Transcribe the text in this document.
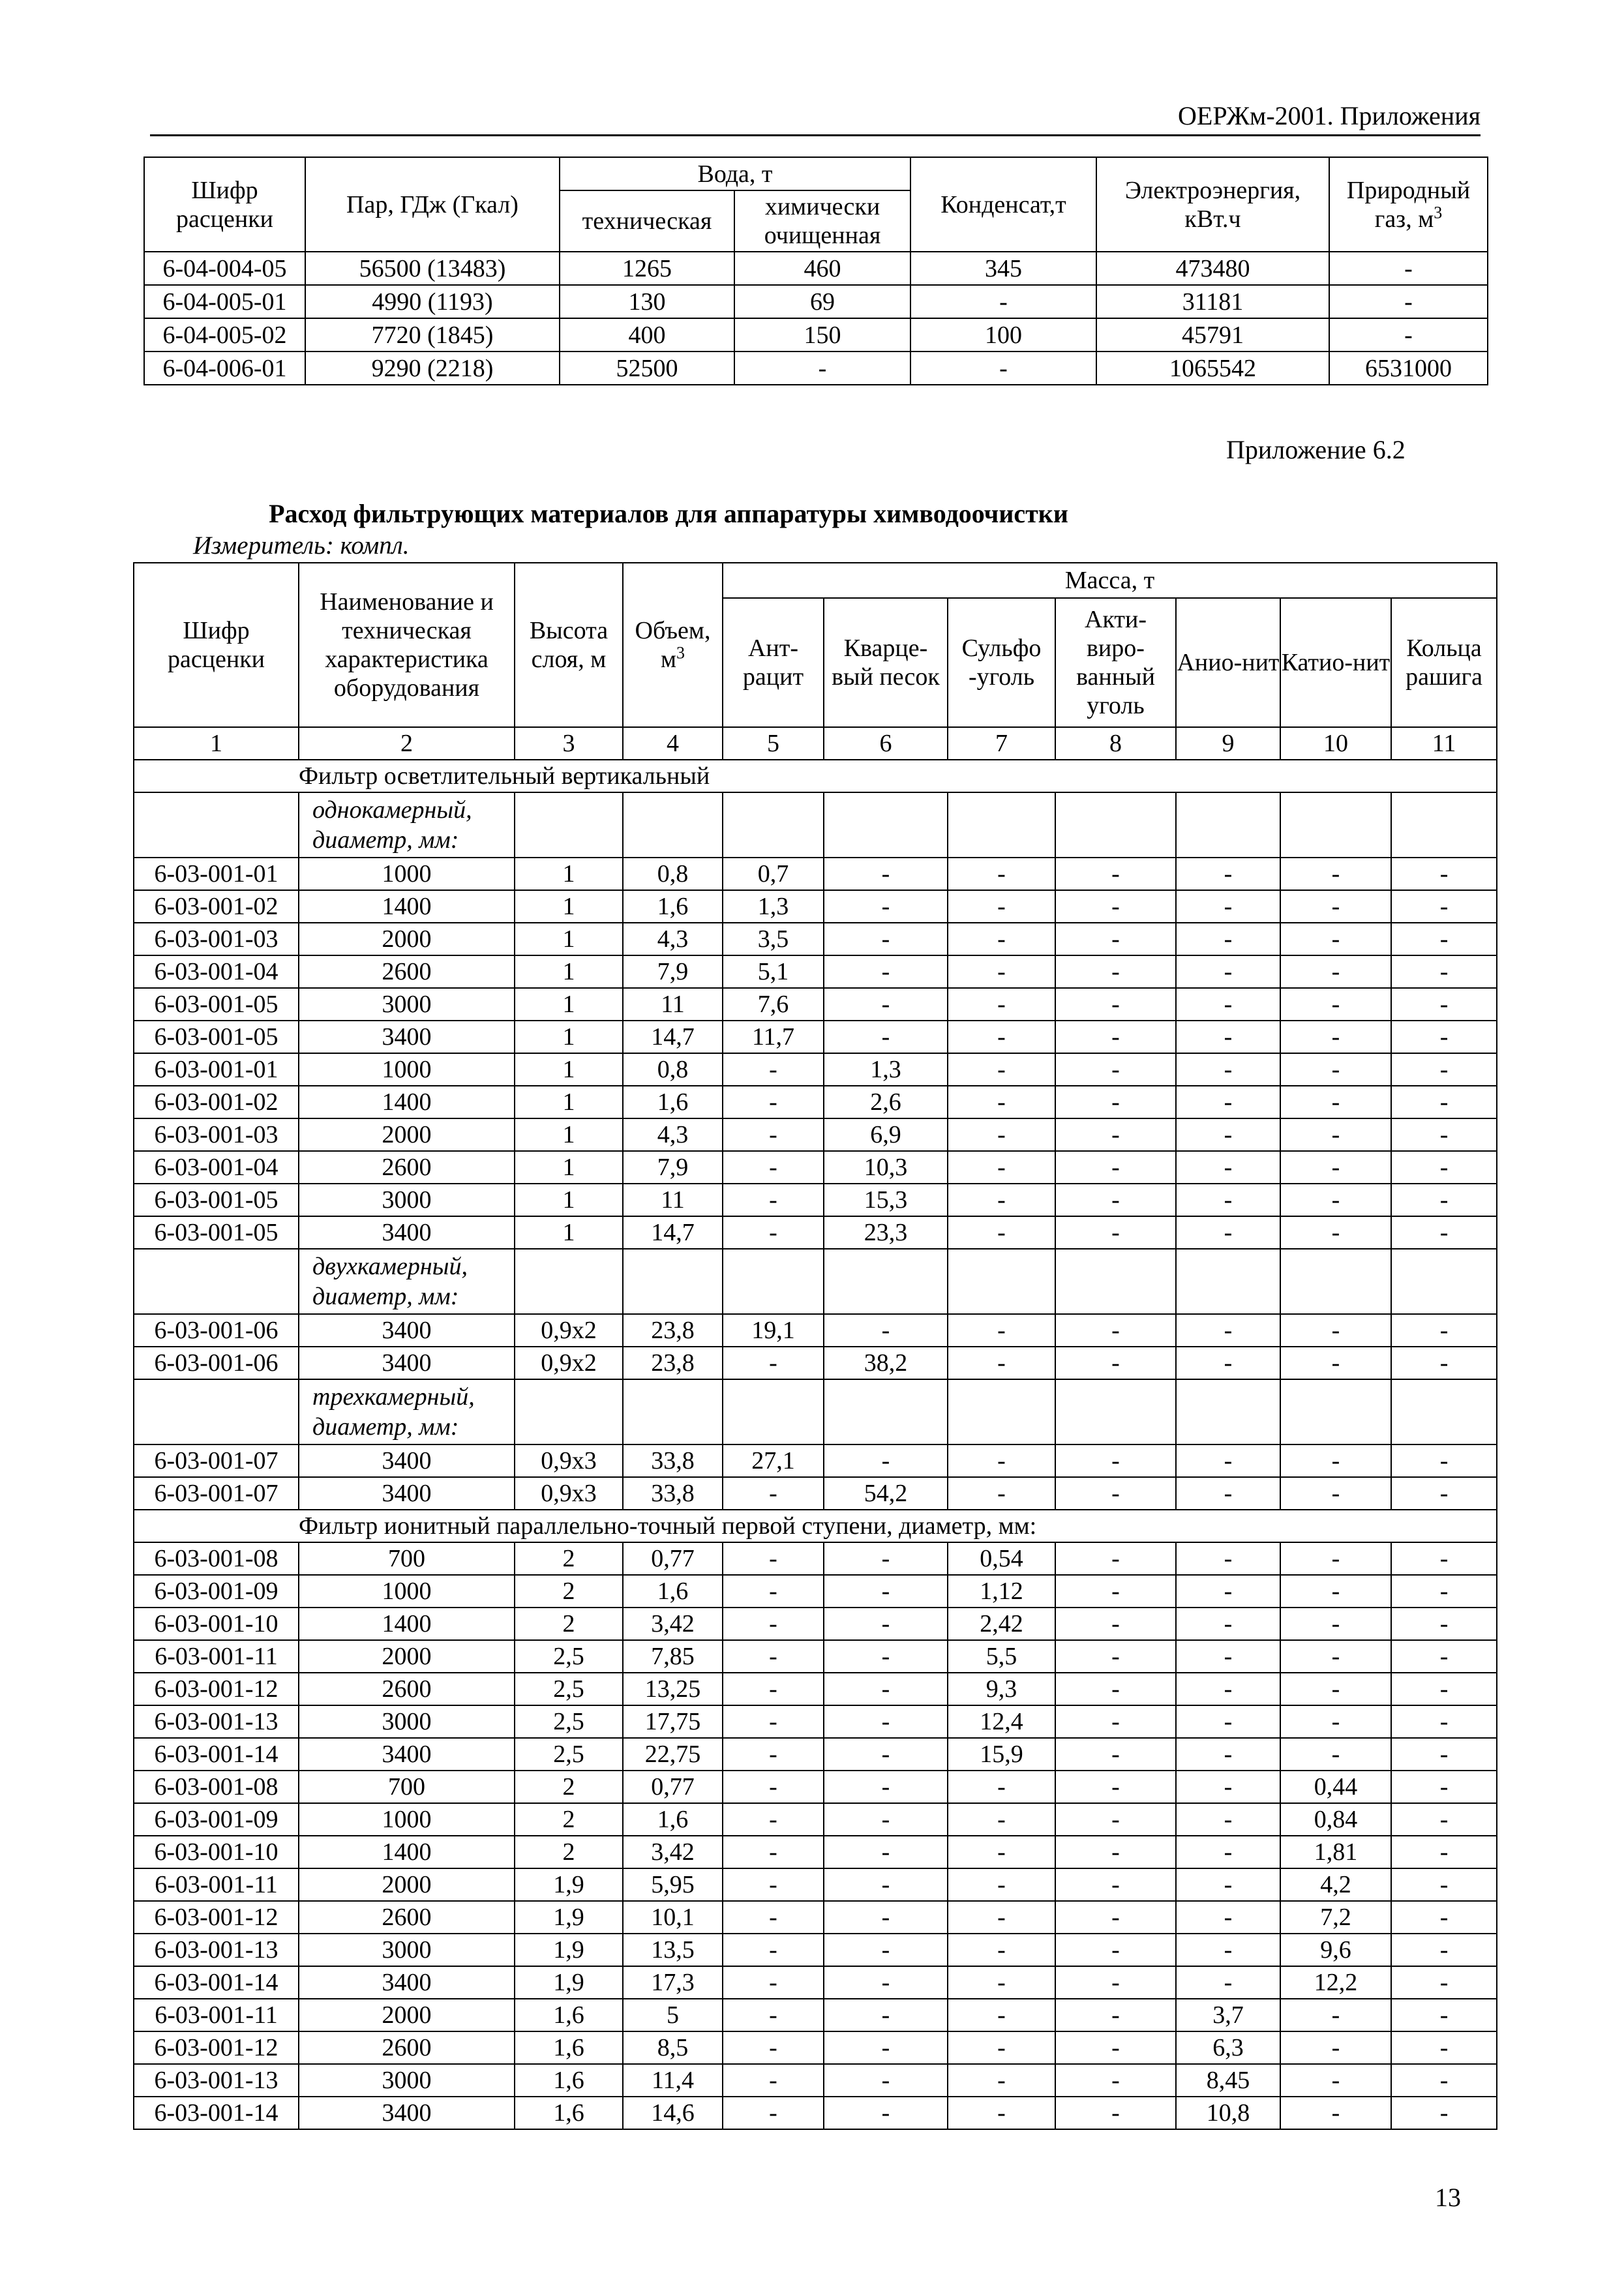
ОЕРЖм-2001. Приложения
Шифр расценки	Пар, ГДж (Гкал)	Вода, т		Конденсат,т	Электроэнергия, кВт.ч	Природный газ, $м^3$
		техническая	химически очищенная			
6-04-004-05	56500 (13483)	1265	460	345	473480	-
6-04-005-01	4990 (1193)	130	69	-	31181	-
6-04-005-02	7720 (1845)	400	150	100	45791	-
6-04-006-01	9290 (2218)	52500	-	-	1065542	6531000
Приложение 6.2
Расход фильтрующих материалов для аппаратуры химводоочистки
Измеритель: компл.
Шифр расценки	Наименование и техническая характеристика оборудования	Высота слоя, м	Объем, $м^3$	Масса, т						
				Ант-рацит	Кварце-вый песок	Сульфо -уголь	Акти-виро-ванный уголь	Анио-нит	Катио-нит	Кольца рашига
1	2	3	4	5	6	7	8	9	10	11
Фильтр осветлительный вертикальный										

	однокамерный,
диаметр, мм:									

6-03-001-01	1000	1	0,8	0,7	-	-	-	-	-	-
6-03-001-02	1400	1	1,6	1,3	-	-	-	-	-	-
6-03-001-03	2000	1	4,3	3,5	-	-	-	-	-	-
6-03-001-04	2600	1	7,9	5,1	-	-	-	-	-	-
6-03-001-05	3000	1	11	7,6	-	-	-	-	-	-
6-03-001-05	3400	1	14,7	11,7	-	-	-	-	-	-
6-03-001-01	1000	1	0,8	-	1,3	-	-	-	-	-
6-03-001-02	1400	1	1,6	-	2,6	-	-	-	-	-
6-03-001-03	2000	1	4,3	-	6,9	-	-	-	-	-
6-03-001-04	2600	1	7,9	-	10,3	-	-	-	-	-
6-03-001-05	3000	1	11	-	15,3	-	-	-	-	-
6-03-001-05	3400	1	14,7	-	23,3	-	-	-	-	-

	двухкамерный,
диаметр, мм:									

6-03-001-06	3400	0,9x2	23,8	19,1	-	-	-	-	-	-
6-03-001-06	3400	0,9x2	23,8	-	38,2	-	-	-	-	-

	трехкамерный,
диаметр, мм:									

6-03-001-07	3400	0,9x3	33,8	27,1	-	-	-	-	-	-
6-03-001-07	3400	0,9x3	33,8	-	54,2	-	-	-	-	-
Фильтр ионитный параллельно-точный первой ступени, диаметр, мм:										
6-03-001-08	700	2	0,77	-	-	0,54	-	-	-	-
6-03-001-09	1000	2	1,6	-	-	1,12	-	-	-	-
6-03-001-10	1400	2	3,42	-	-	2,42	-	-	-	-
6-03-001-11	2000	2,5	7,85	-	-	5,5	-	-	-	-
6-03-001-12	2600	2,5	13,25	-	-	9,3	-	-	-	-
6-03-001-13	3000	2,5	17,75	-	-	12,4	-	-	-	-
6-03-001-14	3400	2,5	22,75	-	-	15,9	-	-	-	-
6-03-001-08	700	2	0,77	-	-	-	-	-	0,44	-
6-03-001-09	1000	2	1,6	-	-	-	-	-	0,84	-
6-03-001-10	1400	2	3,42	-	-	-	-	-	1,81	-
6-03-001-11	2000	1,9	5,95	-	-	-	-	-	4,2	-
6-03-001-12	2600	1,9	10,1	-	-	-	-	-	7,2	-
6-03-001-13	3000	1,9	13,5	-	-	-	-	-	9,6	-
6-03-001-14	3400	1,9	17,3	-	-	-	-	-	12,2	-
6-03-001-11	2000	1,6	5	-	-	-	-	3,7	-	-
6-03-001-12	2600	1,6	8,5	-	-	-	-	6,3	-	-
6-03-001-13	3000	1,6	11,4	-	-	-	-	8,45	-	-
6-03-001-14	3400	1,6	14,6	-	-	-	-	10,8	-	-
13
